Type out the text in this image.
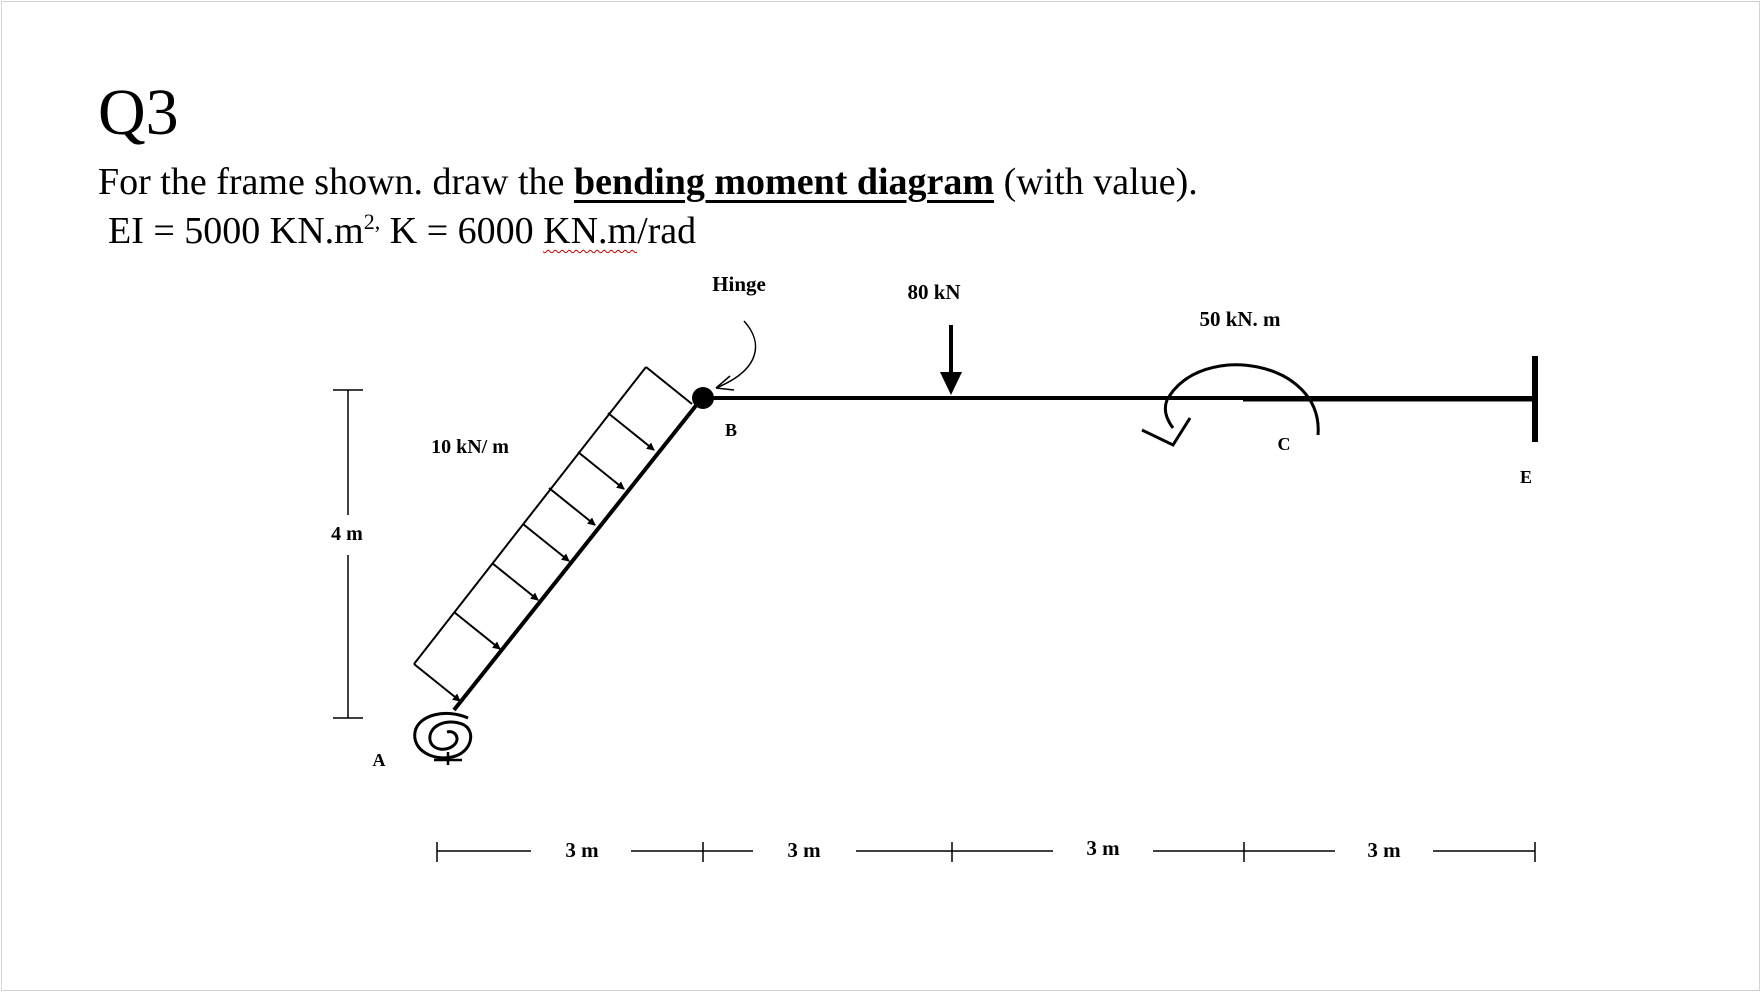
Q3
For the frame shown. draw the bending moment diagram (with value).
EI = 5000 $KN.m^{2,}$ K = 6000 KN.m/rad
4 m
10 kN/ m
A
Hinge
B
80 kN
50 kN. m
C
E
3 m	3 m	3 m	3 m
